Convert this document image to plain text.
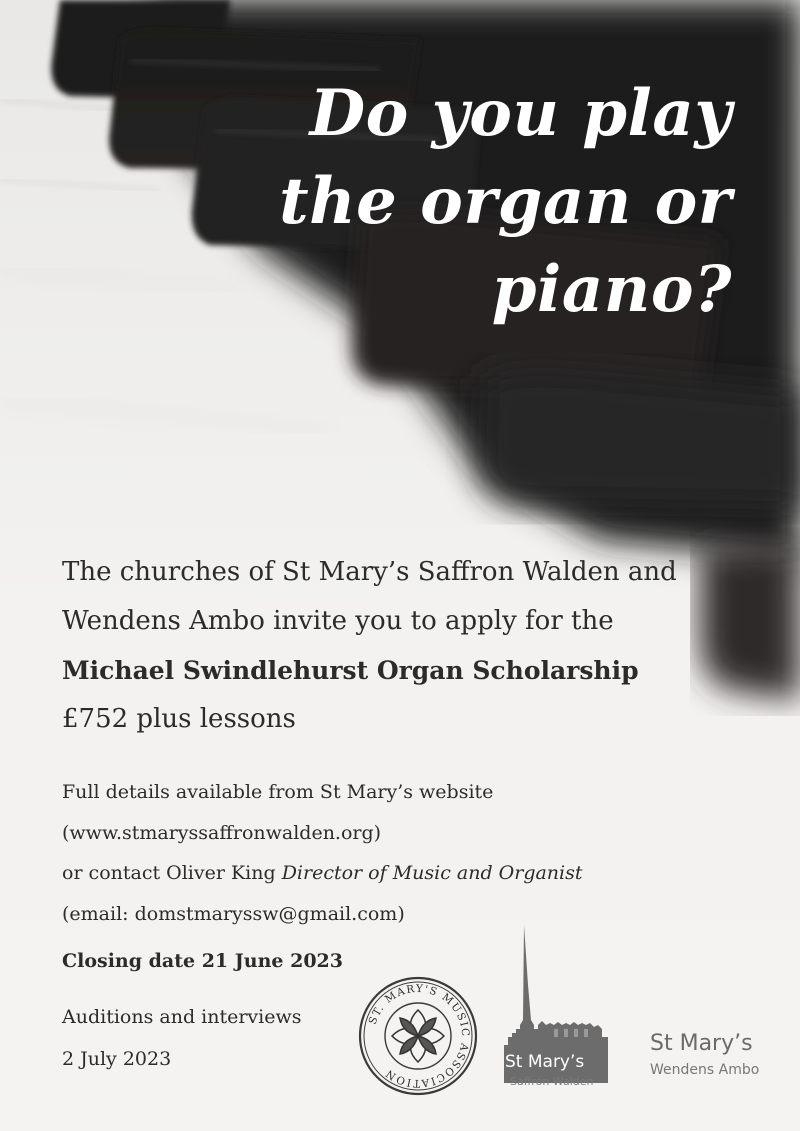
Do you play
the organ or
piano?
The churches of St Mary’s Saffron Walden and
Wendens Ambo invite you to apply for the
Michael Swindlehurst Organ Scholarship
£752 plus lessons
Full details available from St Mary’s website
(www.stmaryssaffronwalden.org)
or contact Oliver King Director of Music and Organist
(email: domstmaryssw@gmail.com)
Closing date 21 June 2023
Auditions and interviews
2 July 2023
ST. MARY'S MUSIC ASSOCIATION
St Mary’s
Saffron Walden
St Mary’s
Wendens Ambo
